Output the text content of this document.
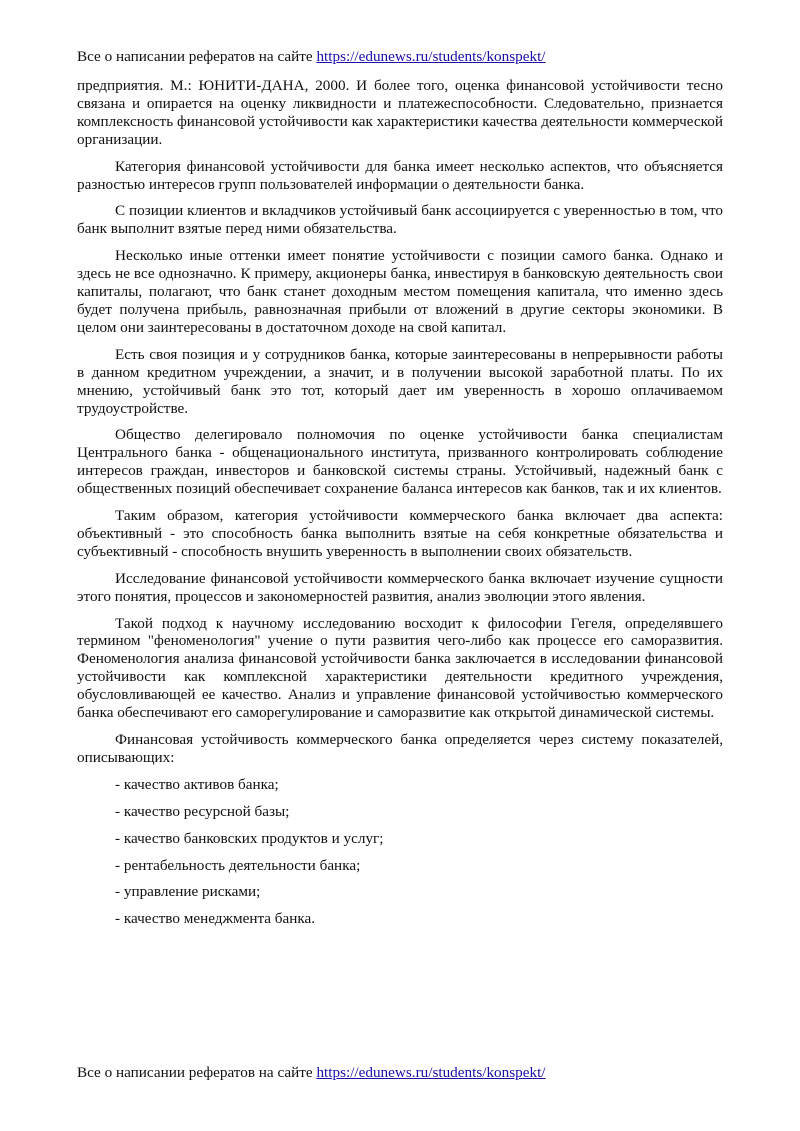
Все о написании рефератов на сайте https://edunews.ru/students/konspekt/

предприятия. М.: ЮНИТИ-ДАНА, 2000. И более того, оценка финансовой устойчивости тесно связана и опирается на оценку ликвидности и платежеспособности. Следовательно, признается комплексность финансовой устойчивости как характеристики качества деятельности коммерческой организации.

Категория финансовой устойчивости для банка имеет несколько аспектов, что объясняется разностью интересов групп пользователей информации о деятельности банка.

С позиции клиентов и вкладчиков устойчивый банк ассоциируется с уверенностью в том, что банк выполнит взятые перед ними обязательства.

Несколько иные оттенки имеет понятие устойчивости с позиции самого банка. Однако и здесь не все однозначно. К примеру, акционеры банка, инвестируя в банковскую деятельность свои капиталы, полагают, что банк станет доходным местом помещения капитала, что именно здесь будет получена прибыль, равнозначная прибыли от вложений в другие секторы экономики. В целом они заинтересованы в достаточном доходе на свой капитал.

Есть своя позиция и у сотрудников банка, которые заинтересованы в непрерывности работы в данном кредитном учреждении, а значит, и в получении высокой заработной платы. По их мнению, устойчивый банк это тот, который дает им уверенность в хорошо оплачиваемом трудоустройстве.

Общество делегировало полномочия по оценке устойчивости банка специалистам Центрального банка - общенационального института, призванного контролировать соблюдение интересов граждан, инвесторов и банковской системы страны. Устойчивый, надежный банк с общественных позиций обеспечивает сохранение баланса интересов как банков, так и их клиентов.

Таким образом, категория устойчивости коммерческого банка включает два аспекта: объективный - это способность банка выполнить взятые на себя конкретные обязательства и субъективный - способность внушить уверенность в выполнении своих обязательств.

Исследование финансовой устойчивости коммерческого банка включает изучение сущности этого понятия, процессов и закономерностей развития, анализ эволюции этого явления.

Такой подход к научному исследованию восходит к философии Гегеля, определявшего термином "феноменология" учение о пути развития чего-либо как процессе его саморазвития. Феноменология анализа финансовой устойчивости банка заключается в исследовании финансовой устойчивости как комплексной характеристики деятельности кредитного учреждения, обусловливающей ее качество. Анализ и управление финансовой устойчивостью коммерческого банка обеспечивают его саморегулирование и саморазвитие как открытой динамической системы.

Финансовая устойчивость коммерческого банка определяется через систему показателей, описывающих:

- качество активов банка;
- качество ресурсной базы;
- качество банковских продуктов и услуг;
- рентабельность деятельности банка;
- управление рисками;
- качество менеджмента банка.
Все о написании рефератов на сайте https://edunews.ru/students/konspekt/
